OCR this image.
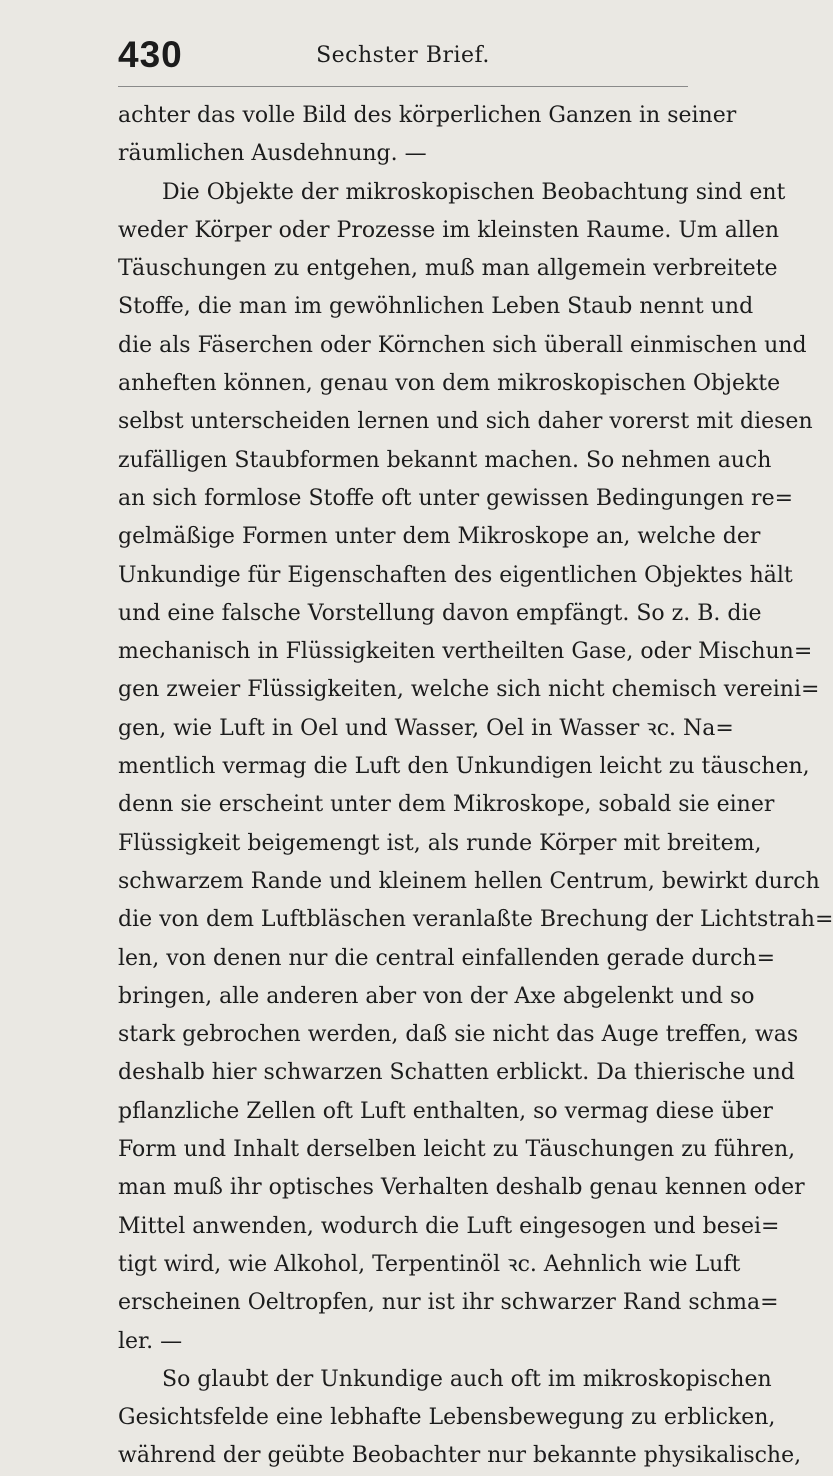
430	Sechster Brief.
achter das volle Bild des körperlichen Ganzen in seiner
räumlichen Ausdehnung. —
Die Objekte der mikroskopischen Beobachtung sind ent
weder Körper oder Prozesse im kleinsten Raume. Um allen
Täuschungen zu entgehen, muß man allgemein verbreitete
Stoffe, die man im gewöhnlichen Leben Staub nennt und
die als Fäserchen oder Körnchen sich überall einmischen und
anheften können, genau von dem mikroskopischen Objekte
selbst unterscheiden lernen und sich daher vorerst mit diesen
zufälligen Staubformen bekannt machen. So nehmen auch
an sich formlose Stoffe oft unter gewissen Bedingungen re=
gelmäßige Formen unter dem Mikroskope an, welche der
Unkundige für Eigenschaften des eigentlichen Objektes hält
und eine falsche Vorstellung davon empfängt. So z. B. die
mechanisch in Flüssigkeiten vertheilten Gase, oder Mischun=
gen zweier Flüssigkeiten, welche sich nicht chemisch vereini=
gen, wie Luft in Oel und Wasser, Oel in Wasser ꝛc. Na=
mentlich vermag die Luft den Unkundigen leicht zu täuschen,
denn sie erscheint unter dem Mikroskope, sobald sie einer
Flüssigkeit beigemengt ist, als runde Körper mit breitem,
schwarzem Rande und kleinem hellen Centrum, bewirkt durch
die von dem Luftbläschen veranlaßte Brechung der Lichtstrah=
len, von denen nur die central einfallenden gerade durch=
bringen, alle anderen aber von der Axe abgelenkt und so
stark gebrochen werden, daß sie nicht das Auge treffen, was
deshalb hier schwarzen Schatten erblickt. Da thierische und
pflanzliche Zellen oft Luft enthalten, so vermag diese über
Form und Inhalt derselben leicht zu Täuschungen zu führen,
man muß ihr optisches Verhalten deshalb genau kennen oder
Mittel anwenden, wodurch die Luft eingesogen und besei=
tigt wird, wie Alkohol, Terpentinöl ꝛc. Aehnlich wie Luft
erscheinen Oeltropfen, nur ist ihr schwarzer Rand schma=
ler. —
So glaubt der Unkundige auch oft im mikroskopischen
Gesichtsfelde eine lebhafte Lebensbewegung zu erblicken,
während der geübte Beobachter nur bekannte physikalische,
